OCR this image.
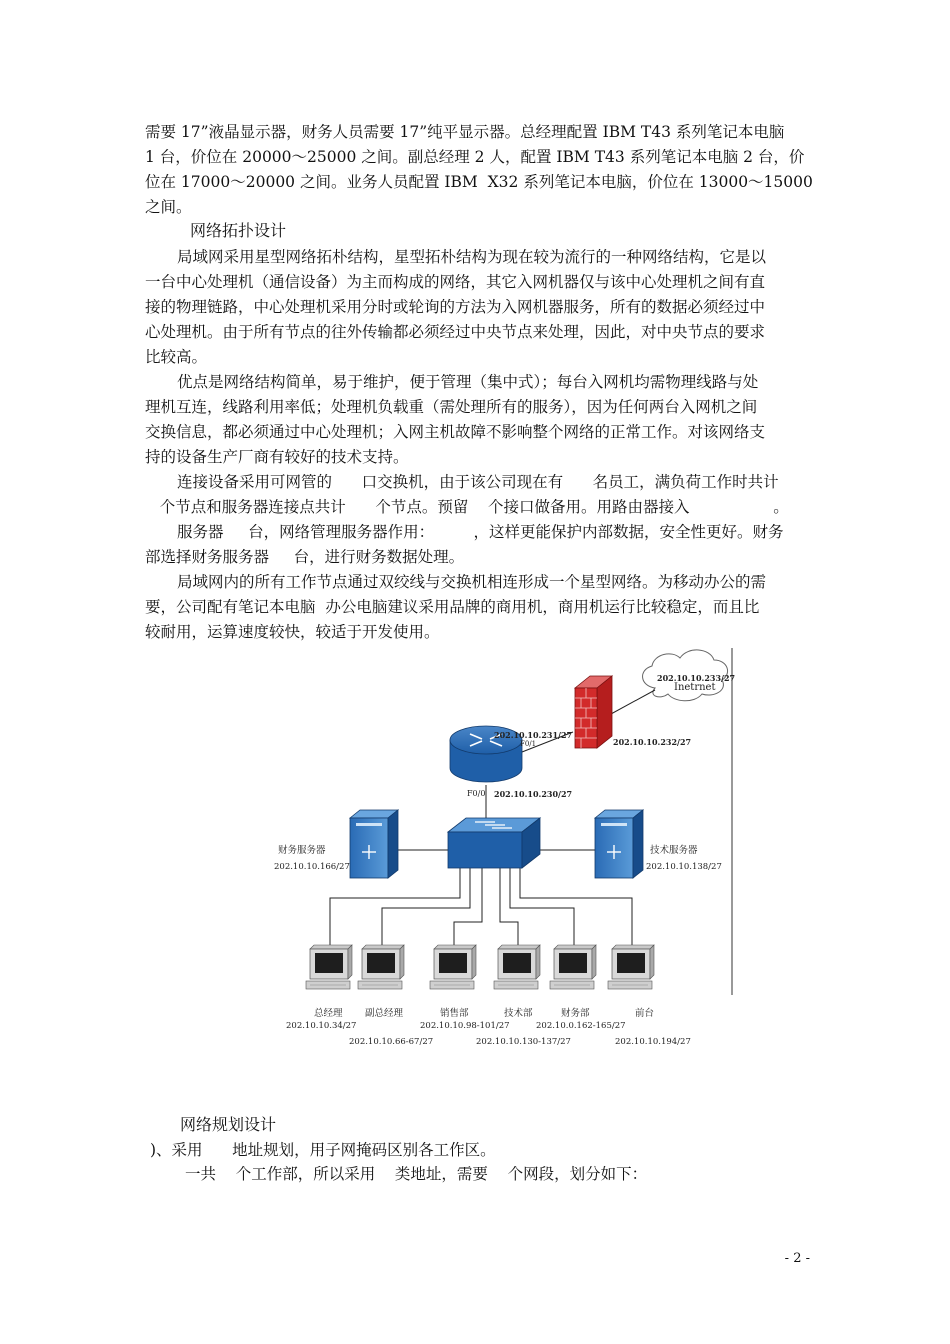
需要 17”液晶显示器，财务人员需要 17”纯平显示器。总经理配置 IBM T43 系列笔记本电脑
1 台，价位在 20000～25000 之间。副总经理 2 人，配置 IBM T43 系列笔记本电脑 2 台，价
位在 17000～20000 之间。业务人员配置 IBM  X32 系列笔记本电脑，价位在 13000～15000
之间。
网络拓扑设计
局域网采用星型网络拓朴结构，星型拓朴结构为现在较为流行的一种网络结构，它是以
一台中心处理机（通信设备）为主而构成的网络，其它入网机器仅与该中心处理机之间有直
接的物理链路，中心处理机采用分时或轮询的方法为入网机器服务，所有的数据必须经过中
心处理机。由于所有节点的往外传输都必须经过中央节点来处理，因此，对中央节点的要求
比较高。
优点是网络结构简单，易于维护，便于管理（集中式）；每台入网机均需物理线路与处
理机互连，线路利用率低；处理机负载重（需处理所有的服务），因为任何两台入网机之间
交换信息，都必须通过中心处理机；入网主机故障不影响整个网络的正常工作。对该网络支
持的设备生产厂商有较好的技术支持。
连接设备采用可网管的      口交换机，由于该公司现在有      名员工，满负荷工作时共计
个节点和服务器连接点共计      个节点。预留    个接口做备用。用路由器接入                 。
服务器     台，网络管理服务器作用：        ，这样更能保护内部数据，安全性更好。财务
部选择财务服务器     台，进行财务数据处理。
局域网内的所有工作节点通过双绞线与交换机相连形成一个星型网络。为移动办公的需
要，公司配有笔记本电脑  办公电脑建议采用品牌的商用机，商用机运行比较稳定，而且比
较耐用，运算速度较快，较适于开发使用。
202.10.10.233/27
Inetrnet
202.10.10.231/27
F0/1	202.10.10.232/27
F0/0 202.10.10.230/27
财务服务器
202.10.10.166/27
技术服务器
202.10.10.138/27
总经理 副总经理	销售部	技术部	财务部	前台
202.10.10.34/27	202.10.10.98-101/27	202.10.0.162-165/27
202.10.10.66-67/27	202.10.10.130-137/27	202.10.10.194/27
网络规划设计
)、采用      地址规划，用子网掩码区别各工作区。
一共    个工作部，所以采用    类地址，需要    个网段，划分如下：
- 2 -
